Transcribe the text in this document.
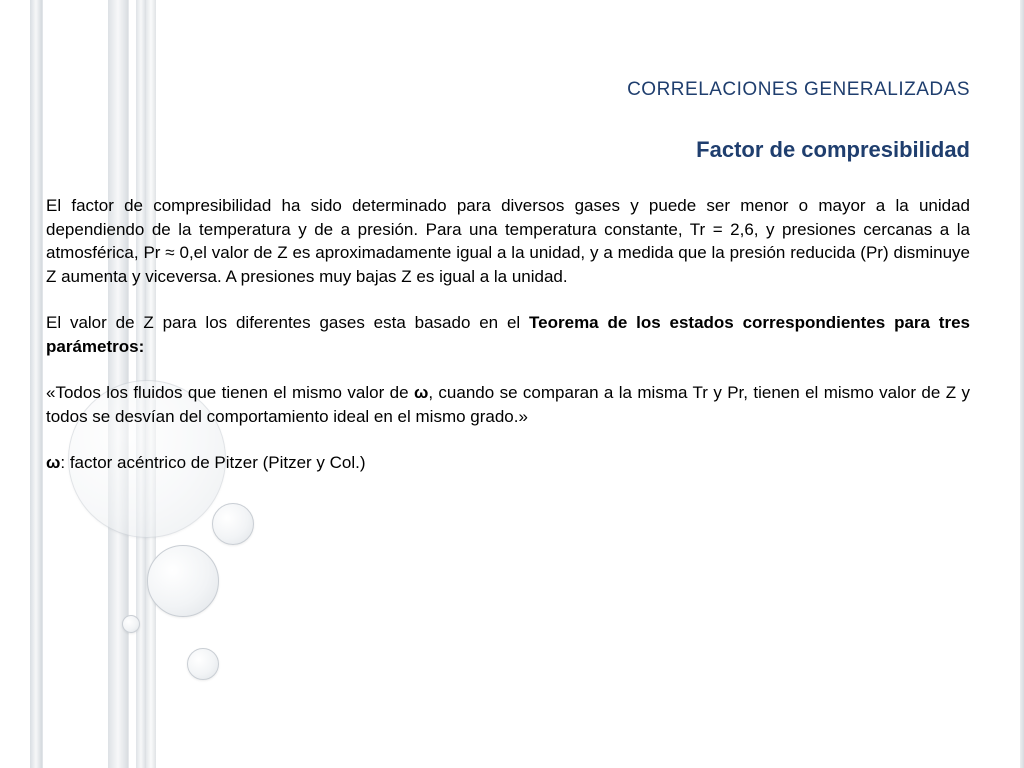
CORRELACIONES GENERALIZADAS
Factor de compresibilidad

El factor de compresibilidad ha sido determinado para diversos gases y puede ser menor o mayor a la unidad dependiendo de la temperatura y de a presión. Para una temperatura constante, Tr = 2,6, y presiones cercanas a la atmosférica, Pr ≈ 0,el valor de Z es aproximadamente igual a la unidad, y a medida que la presión reducida (Pr) disminuye Z aumenta y viceversa. A presiones muy bajas Z es igual a la unidad.

El valor de Z para los diferentes gases esta basado en el Teorema de los estados correspondientes para tres parámetros:

«Todos los fluidos que tienen el mismo valor de ω, cuando se comparan a la misma Tr y Pr, tienen el mismo valor de Z y todos se desvían del comportamiento ideal en el mismo grado.»

ω: factor acéntrico de Pitzer (Pitzer y Col.)
